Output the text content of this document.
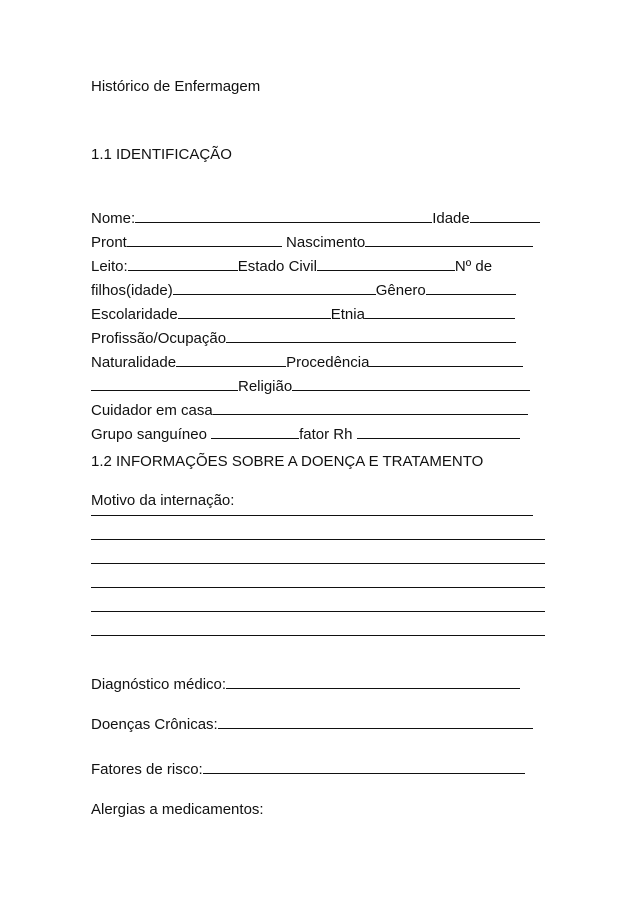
Histórico de Enfermagem
1.1 IDENTIFICAÇÃO
Nome:	Idade
Pront	Nascimento
Leito:	Estado Civil	Nº de
filhos(idade)	Gênero
Escolaridade	Etnia
Profissão/Ocupação
Naturalidade	Procedência
Religião
Cuidador em casa
Grupo sanguíneo	fator Rh
1.2 INFORMAÇÕES SOBRE A DOENÇA E TRATAMENTO
Motivo da internação:
Diagnóstico médico:
Doenças Crônicas:
Fatores de risco:
Alergias a medicamentos:
